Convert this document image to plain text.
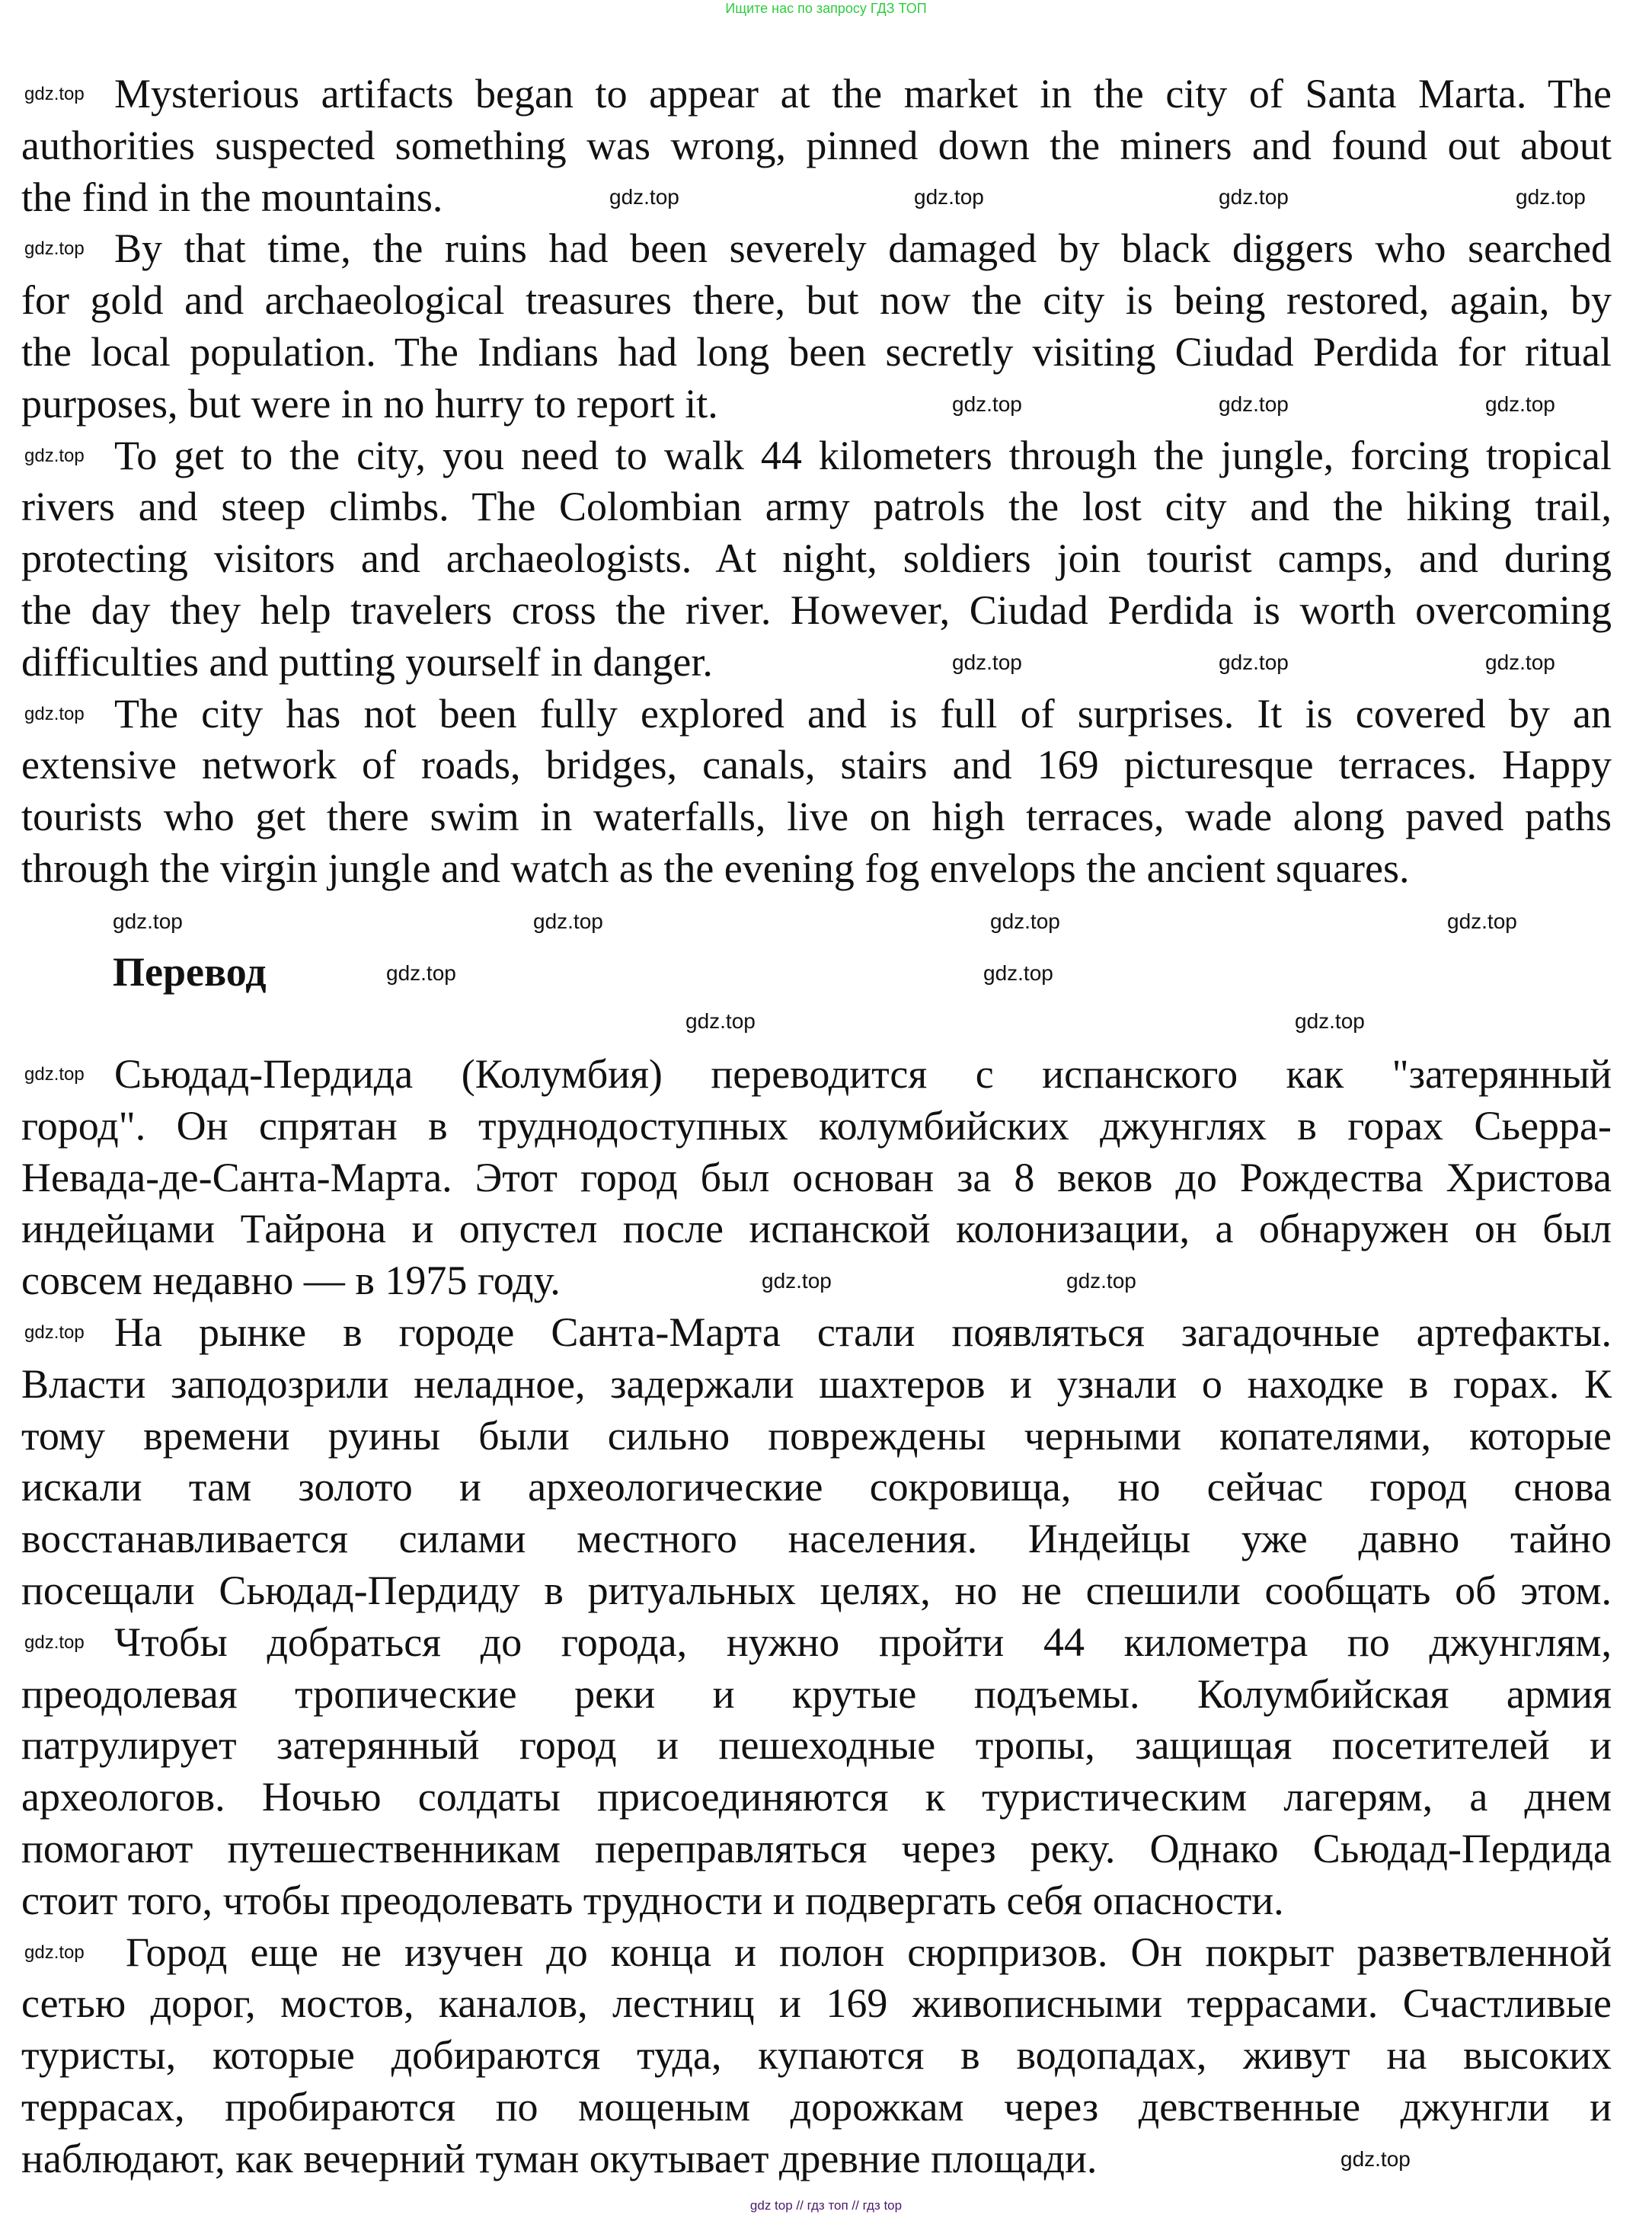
Ищите нас по запросу ГДЗ ТОП
Mysterious artifacts began to appear at the market in the city of Santa Marta. The
authorities suspected something was wrong, pinned down the miners and found out about
the find in the mountains.
By that time, the ruins had been severely damaged by black diggers who searched
for gold and archaeological treasures there, but now the city is being restored, again, by
the local population. The Indians had long been secretly visiting Ciudad Perdida for ritual
purposes, but were in no hurry to report it.
To get to the city, you need to walk 44 kilometers through the jungle, forcing tropical
rivers and steep climbs. The Colombian army patrols the lost city and the hiking trail,
protecting visitors and archaeologists. At night, soldiers join tourist camps, and during
the day they help travelers cross the river. However, Ciudad Perdida is worth overcoming
difficulties and putting yourself in danger.
The city has not been fully explored and is full of surprises. It is covered by an
extensive network of roads, bridges, canals, stairs and 169 picturesque terraces. Happy
tourists who get there swim in waterfalls, live on high terraces, wade along paved paths
through the virgin jungle and watch as the evening fog envelops the ancient squares.
Перевод
Сьюдад-Пердида (Колумбия) переводится с испанского как "затерянный
город". Он спрятан в труднодоступных колумбийских джунглях в горах Сьерра-
Невада-де-Санта-Марта. Этот город был основан за 8 веков до Рождества Христова
индейцами Тайрона и опустел после испанской колонизации, а обнаружен он был
совсем недавно — в 1975 году.
На рынке в городе Санта-Марта стали появляться загадочные артефакты.
Власти заподозрили неладное, задержали шахтеров и узнали о находке в горах. К
тому времени руины были сильно повреждены черными копателями, которые
искали там золото и археологические сокровища, но сейчас город снова
восстанавливается силами местного населения. Индейцы уже давно тайно
посещали Сьюдад-Пердиду в ритуальных целях, но не спешили сообщать об этом.
Чтобы добраться до города, нужно пройти 44 километра по джунглям,
преодолевая тропические реки и крутые подъемы. Колумбийская армия
патрулирует затерянный город и пешеходные тропы, защищая посетителей и
археологов. Ночью солдаты присоединяются к туристическим лагерям, а днем
помогают путешественникам переправляться через реку. Однако Сьюдад-Пердида
стоит того, чтобы преодолевать трудности и подвергать себя опасности.
Город еще не изучен до конца и полон сюрпризов. Он покрыт разветвленной
сетью дорог, мостов, каналов, лестниц и 169 живописными террасами. Счастливые
туристы, которые добираются туда, купаются в водопадах, живут на высоких
террасах, пробираются по мощеным дорожкам через девственные джунгли и
наблюдают, как вечерний туман окутывает древние площади.
gdz.top
gdz.top
gdz.top
gdz.top
gdz.top
gdz.top
gdz.top
gdz.top
gdz.top	gdz.top	gdz.top	gdz.top
gdz.top	gdz.top	gdz.top
gdz.top	gdz.top	gdz.top
gdz.top	gdz.top	gdz.top	gdz.top
gdz.top	gdz.top
gdz.top	gdz.top
gdz.top	gdz.top
gdz.top
gdz top // гдз топ // гдз top
